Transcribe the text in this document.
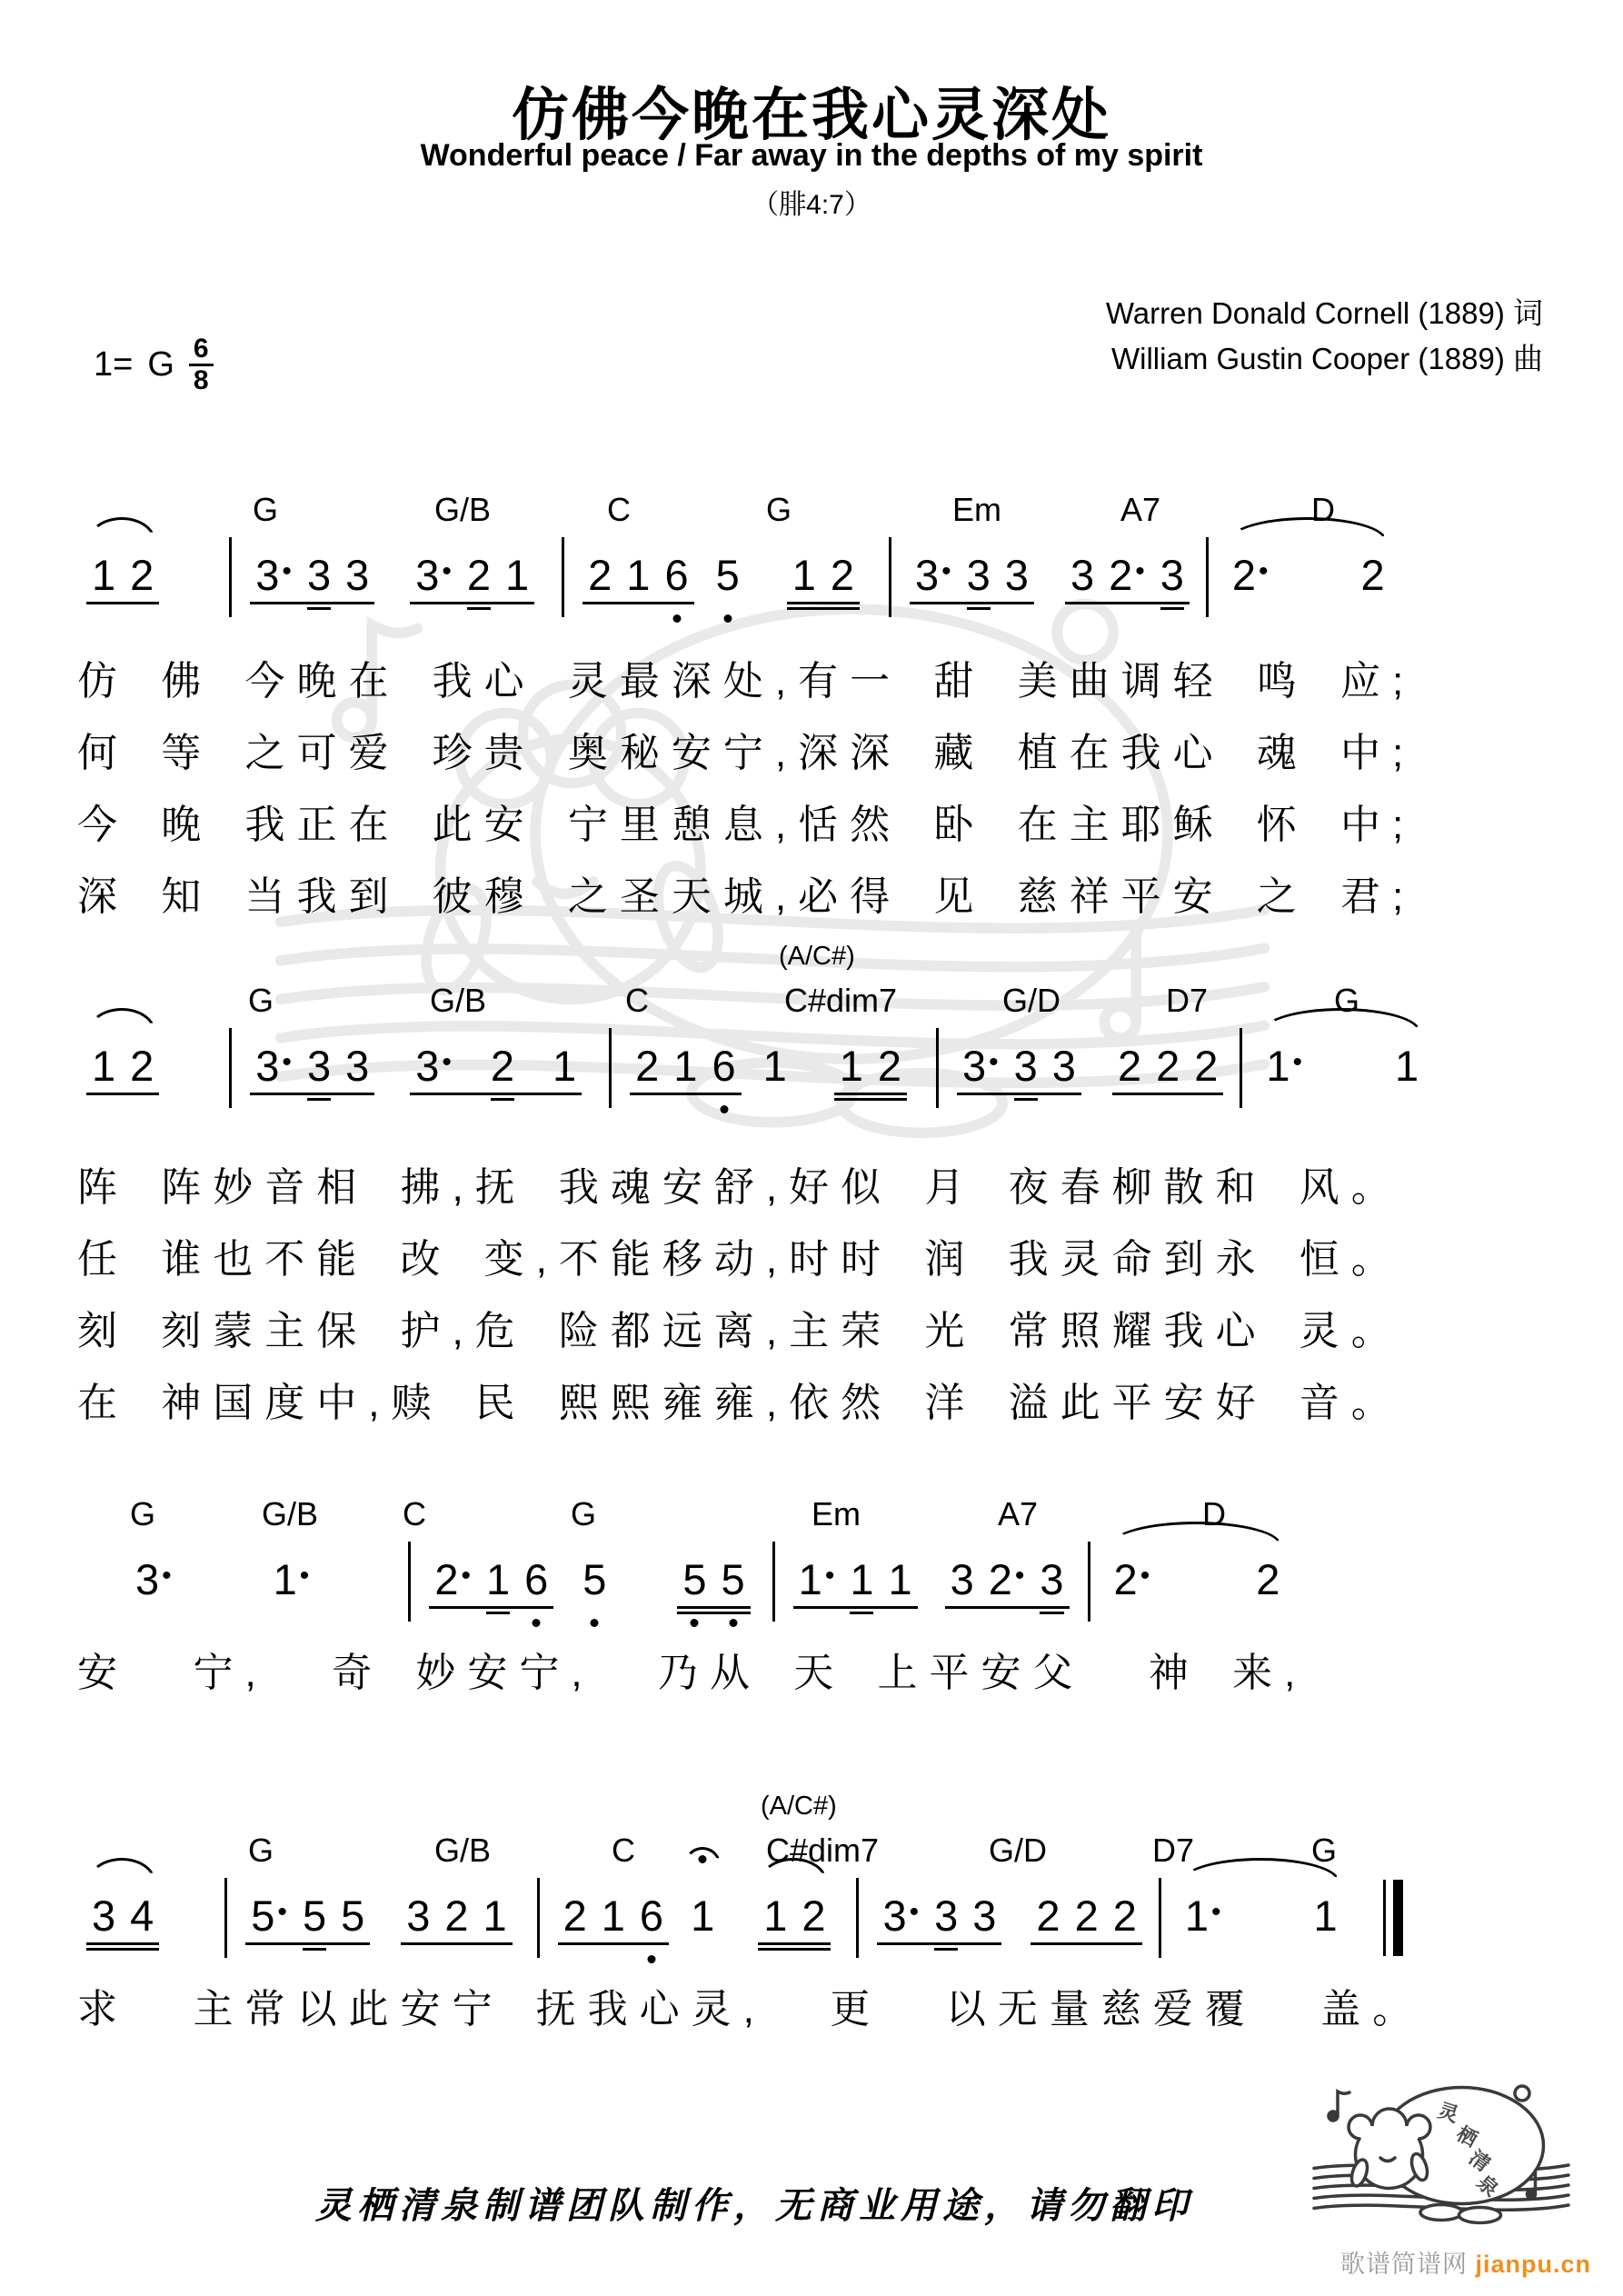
仿佛今晚在我心灵深处
Wonderful peace / Far away in the depths of my spirit
（腓4:7）
Warren Donald Cornell (1889) 词
William Gustin Cooper (1889) 曲
1= G 6
8
G	G/B	C	G	Em	A7	D
1 2 3 • 3 3 3 • 2 1 2 1 6 5 1 2 3 • 3 3 3 2 • 3 2 • 2
仿 佛 今晚在 我心 灵最深处,有一 甜 美曲调轻 鸣 应;
何 等 之可爱 珍贵 奥秘安宁,深深 藏 植在我心 魂 中;
今 晚 我正在 此安 宁里憩息,恬然 卧 在主耶稣 怀 中;
深 知 当我到 彼穆 之圣天城,必得 见 慈祥平安 之 君;
G	G/B	C	C#dim7
(A/C#)
G/D	D7	G
1 2 3 • 3 3 3 • 2 1 2 1 6 1 1 2 3 • 3 3 2 2 2 1 • 1
阵 阵妙音相 拂,抚 我魂安舒,好似 月 夜春柳散和 风。
任 谁也不能 改 变,不能移动,时时 润 我灵命到永 恒。
刻 刻蒙主保 护,危 险都远离,主荣 光 常照耀我心 灵。
在 神国度中,赎 民 熙熙雍雍,依然 洋 溢此平安好 音。
G	G/B	C	G	Em	A7	D
3 • 1 •	2 • 1 6 5 5 5 1 • 1 1 3 2 • 3 2 • 2
安  宁,  奇 妙安宁,  乃从 天 上平安父  神 来,
G	G/B	C	C#dim7
(A/C#)
G/D	D7	G
3 4 5 • 5 5 3 2 1 2 1 6 1 1 2 3 • 3 3 2 2 2 1 • 1
求  主常以此安宁 抚我心灵,  更  以无量慈爱覆  盖。
灵栖清泉制谱团队制作，无商业用途，请勿翻印
灵
栖
清
泉
歌谱简谱网 jianpu.cn
